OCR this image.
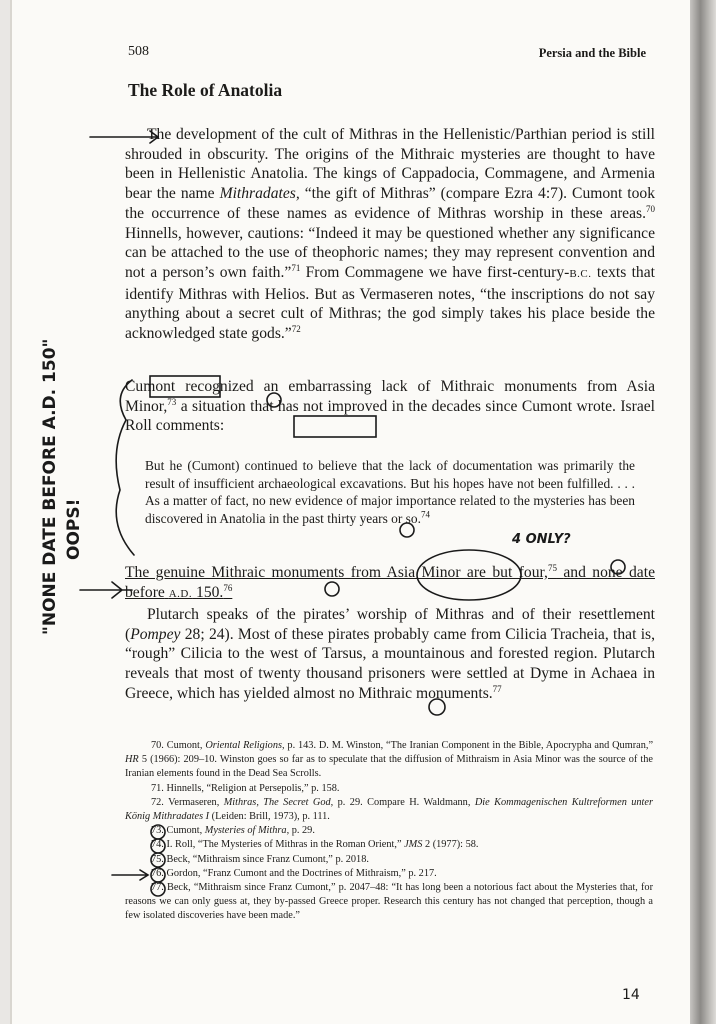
508	Persia and the Bible
The Role of Anatolia
The development of the cult of Mithras in the Hellenistic/Parthian period is still shrouded in obscurity. The origins of the Mithraic mysteries are thought to have been in Hellenistic Anatolia. The kings of Cappadocia, Commagene, and Armenia bear the name Mithradates, “the gift of Mithras” (compare Ezra 4:7). Cumont took the occurrence of these names as evidence of Mithras worship in these areas.$^{70}$ Hinnells, however, cautions: “Indeed it may be questioned whether any significance can be attached to the use of theophoric names; they may represent convention and not a person’s own faith.”$^{71}$ From Commagene we have first-century-B.C. texts that identify Mithras with Helios. But as Vermaseren notes, “the inscriptions do not say anything about a secret cult of Mithras; the god simply takes his place beside the acknowledged state gods.”$^{72}$
Cumont recognized an embarrassing lack of Mithraic monuments from Asia Minor,$^{73}$ a situation that has not improved in the decades since Cumont wrote. Israel Roll comments:
But he (Cumont) continued to believe that the lack of documentation was primarily the result of insufficient archaeological excavations. But his hopes have not been fulfilled. . . . As a matter of fact, no new evidence of major importance related to the mysteries has been discovered in Anatolia in the past thirty years or so.$^{74}$
The genuine Mithraic monuments from Asia Minor are but four,$^{75}$ and none date before A.D. 150.76
Plutarch speaks of the pirates’ worship of Mithras and of their resettlement (Pompey 28; 24). Most of these pirates probably came from Cilicia Tracheia, that is, “rough” Cilicia to the west of Tarsus, a mountainous and forested region. Plutarch reveals that most of twenty thousand prisoners were settled at Dyme in Achaea in Greece, which has yielded almost no Mithraic monuments.$^{77}$
70. Cumont, Oriental Religions, p. 143. D. M. Winston, “The Iranian Component in the Bible, Apocrypha and Qumran,” HR 5 (1966): 209–10. Winston goes so far as to speculate that the diffusion of Mithraism in Asia Minor was the source of the Iranian elements found in the Dead Sea Scrolls.
71. Hinnells, “Religion at Persepolis,” p. 158.
72. Vermaseren, Mithras, The Secret God, p. 29. Compare H. Waldmann, Die Kommagenischen Kultreformen unter König Mithradates I (Leiden: Brill, 1973), p. 111.
73. Cumont, Mysteries of Mithra, p. 29.
74. I. Roll, “The Mysteries of Mithras in the Roman Orient,” JMS 2 (1977): 58.
75. Beck, “Mithraism since Franz Cumont,” p. 2018.
76. Gordon, “Franz Cumont and the Doctrines of Mithraism,” p. 217.
77. Beck, “Mithraism since Franz Cumont,” p. 2047–48: “It has long been a notorious fact about the Mysteries that, for reasons we can only guess at, they by-passed Greece proper. Research this century has not changed that perception, though a few isolated discoveries have been made.”
"NONE DATE BEFORE A.D. 150" OOPS!	4 ONLY?
14
